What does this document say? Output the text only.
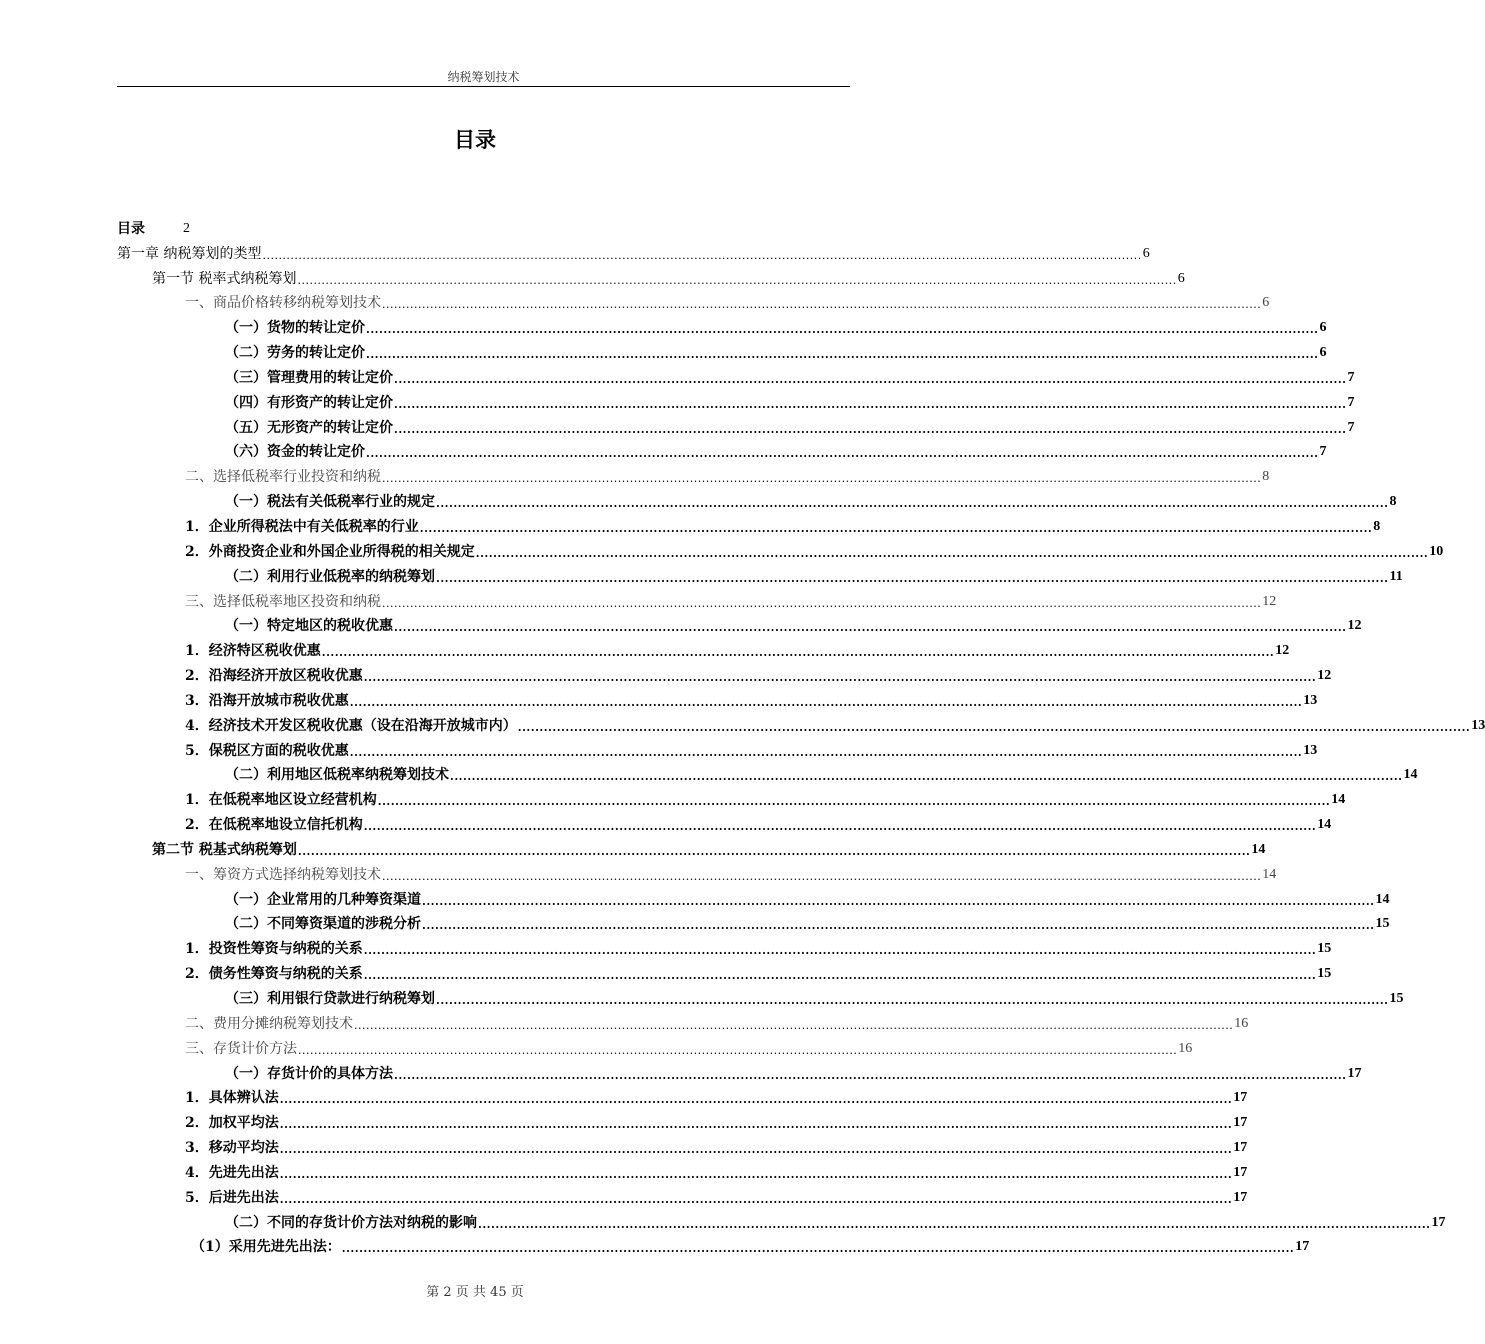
纳税筹划技术
目录
目录	2
第一章 纳税筹划的类型 ............................................................................................................................................................................................................................ 6
第一节 税率式纳税筹划 ............................................................................................................................................................................................................................ 6
一、商品价格转移纳税筹划技术 ............................................................................................................................................................................................................................ 6
（一）货物的转让定价 ............................................................................................................................................................................................................................ 6
（二）劳务的转让定价 ............................................................................................................................................................................................................................ 6
（三）管理费用的转让定价 ............................................................................................................................................................................................................................ 7
（四）有形资产的转让定价 ............................................................................................................................................................................................................................ 7
（五）无形资产的转让定价 ............................................................................................................................................................................................................................ 7
（六）资金的转让定价 ............................................................................................................................................................................................................................ 7
二、选择低税率行业投资和纳税 ............................................................................................................................................................................................................................ 8
（一）税法有关低税率行业的规定 ............................................................................................................................................................................................................................ 8
1．企业所得税法中有关低税率的行业 ............................................................................................................................................................................................................................ 8
2．外商投资企业和外国企业所得税的相关规定 ............................................................................................................................................................................................................................ 10
（二）利用行业低税率的纳税筹划 ............................................................................................................................................................................................................................ 11
三、选择低税率地区投资和纳税 ............................................................................................................................................................................................................................ 12
（一）特定地区的税收优惠 ............................................................................................................................................................................................................................ 12
1．经济特区税收优惠 ............................................................................................................................................................................................................................ 12
2．沿海经济开放区税收优惠 ............................................................................................................................................................................................................................ 12
3．沿海开放城市税收优惠 ............................................................................................................................................................................................................................ 13
4．经济技术开发区税收优惠（设在沿海开放城市内） ............................................................................................................................................................................................................................ 13
5．保税区方面的税收优惠 ............................................................................................................................................................................................................................ 13
（二）利用地区低税率纳税筹划技术 ............................................................................................................................................................................................................................ 14
1．在低税率地区设立经营机构 ............................................................................................................................................................................................................................ 14
2．在低税率地设立信托机构 ............................................................................................................................................................................................................................ 14
第二节 税基式纳税筹划 ............................................................................................................................................................................................................................ 14
一、筹资方式选择纳税筹划技术 ............................................................................................................................................................................................................................ 14
（一）企业常用的几种筹资渠道 ............................................................................................................................................................................................................................ 14
（二）不同筹资渠道的涉税分析 ............................................................................................................................................................................................................................ 15
1．投资性筹资与纳税的关系 ............................................................................................................................................................................................................................ 15
2．债务性筹资与纳税的关系 ............................................................................................................................................................................................................................ 15
（三）利用银行贷款进行纳税筹划 ............................................................................................................................................................................................................................ 15
二、费用分摊纳税筹划技术 ............................................................................................................................................................................................................................ 16
三、存货计价方法 ............................................................................................................................................................................................................................ 16
（一）存货计价的具体方法 ............................................................................................................................................................................................................................ 17
1．具体辨认法 ............................................................................................................................................................................................................................ 17
2．加权平均法 ............................................................................................................................................................................................................................ 17
3．移动平均法 ............................................................................................................................................................................................................................ 17
4．先进先出法 ............................................................................................................................................................................................................................ 17
5．后进先出法 ............................................................................................................................................................................................................................ 17
（二）不同的存货计价方法对纳税的影响 ............................................................................................................................................................................................................................ 17
（1）采用先进先出法： ............................................................................................................................................................................................................................ 17
第 2 页 共 45 页
